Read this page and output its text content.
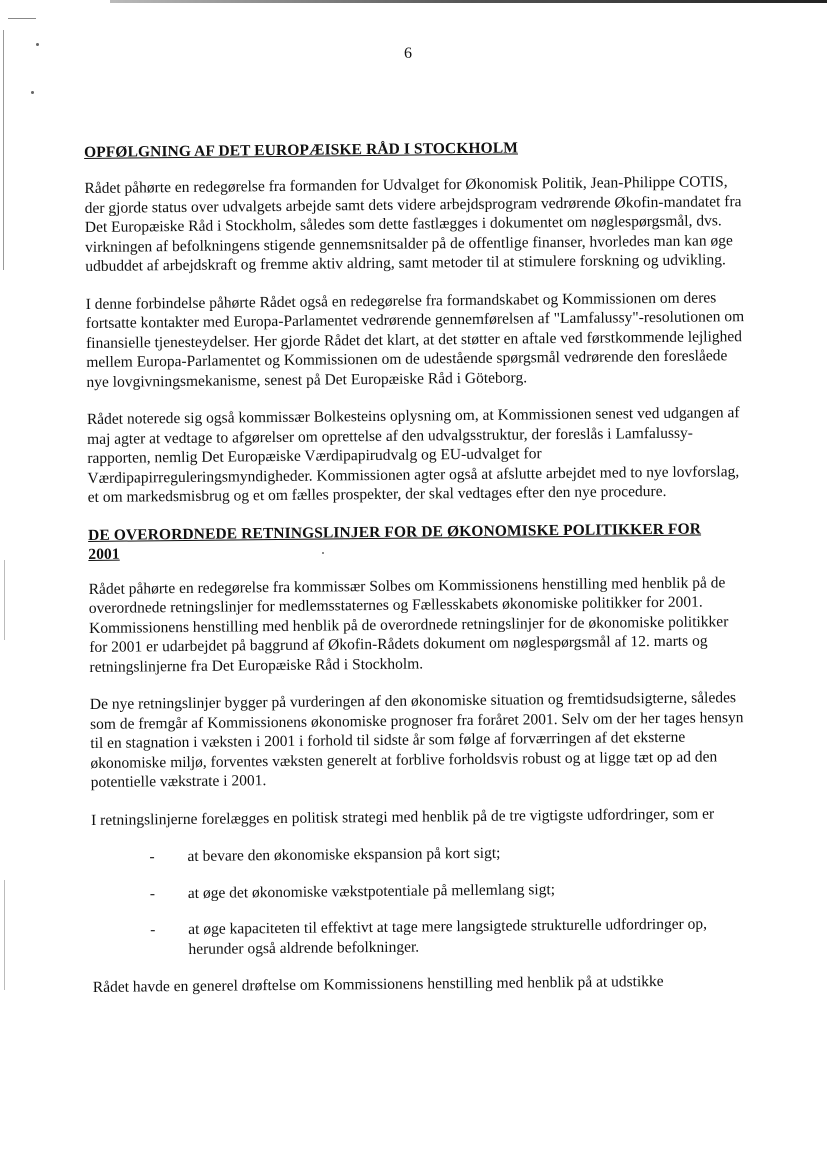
6
OPFØLGNING AF DET EUROPÆISKE RÅD I STOCKHOLM

Rådet påhørte en redegørelse fra formanden for Udvalget for Økonomisk Politik, Jean-Philippe COTIS, der gjorde status over udvalgets arbejde samt dets videre arbejdsprogram vedrørende Økofin-mandatet fra Det Europæiske Råd i Stockholm, således som dette fastlægges i dokumentet om nøglespørgsmål, dvs. virkningen af befolkningens stigende gennemsnitsalder på de offentlige finanser, hvorledes man kan øge udbuddet af arbejdskraft og fremme aktiv aldring, samt metoder til at stimulere forskning og udvikling.

I denne forbindelse påhørte Rådet også en redegørelse fra formandskabet og Kommissionen om deres fortsatte kontakter med Europa-Parlamentet vedrørende gennemførelsen af "Lamfalussy"-resolutionen om finansielle tjenesteydelser. Her gjorde Rådet det klart, at det støtter en aftale ved førstkommende lejlighed mellem Europa-Parlamentet og Kommissionen om de udestående spørgsmål vedrørende den foreslåede nye lovgivningsmekanisme, senest på Det Europæiske Råd i Göteborg.

Rådet noterede sig også kommissær Bolkesteins oplysning om, at Kommissionen senest ved udgangen af maj agter at vedtage to afgørelser om oprettelse af den udvalgsstruktur, der foreslås i Lamfalussy-rapporten, nemlig Det Europæiske Værdipapirudvalg og EU-udvalget for Værdipapirreguleringsmyndigheder. Kommissionen agter også at afslutte arbejdet med to nye lovforslag, et om markedsmisbrug og et om fælles prospekter, der skal vedtages efter den nye procedure.

DE OVERORDNEDE RETNINGSLINJER FOR DE ØKONOMISKE POLITIKKER FOR 2001

Rådet påhørte en redegørelse fra kommissær Solbes om Kommissionens henstilling med henblik på de overordnede retningslinjer for medlemsstaternes og Fællesskabets økonomiske politikker for 2001. Kommissionens henstilling med henblik på de overordnede retningslinjer for de økonomiske politikker for 2001 er udarbejdet på baggrund af Økofin-Rådets dokument om nøglespørgsmål af 12. marts og retningslinjerne fra Det Europæiske Råd i Stockholm.

De nye retningslinjer bygger på vurderingen af den økonomiske situation og fremtidsudsigterne, således som de fremgår af Kommissionens økonomiske prognoser fra foråret 2001. Selv om der her tages hensyn til en stagnation i væksten i 2001 i forhold til sidste år som følge af forværringen af det eksterne økonomiske miljø, forventes væksten generelt at forblive forholdsvis robust og at ligge tæt op ad den potentielle vækstrate i 2001.

I retningslinjerne forelægges en politisk strategi med henblik på de tre vigtigste udfordringer, som er

- at bevare den økonomiske ekspansion på kort sigt;
- at øge det økonomiske vækstpotentiale på mellemlang sigt;
- at øge kapaciteten til effektivt at tage mere langsigtede strukturelle udfordringer op, herunder også aldrende befolkninger.

Rådet havde en generel drøftelse om Kommissionens henstilling med henblik på at udstikke
